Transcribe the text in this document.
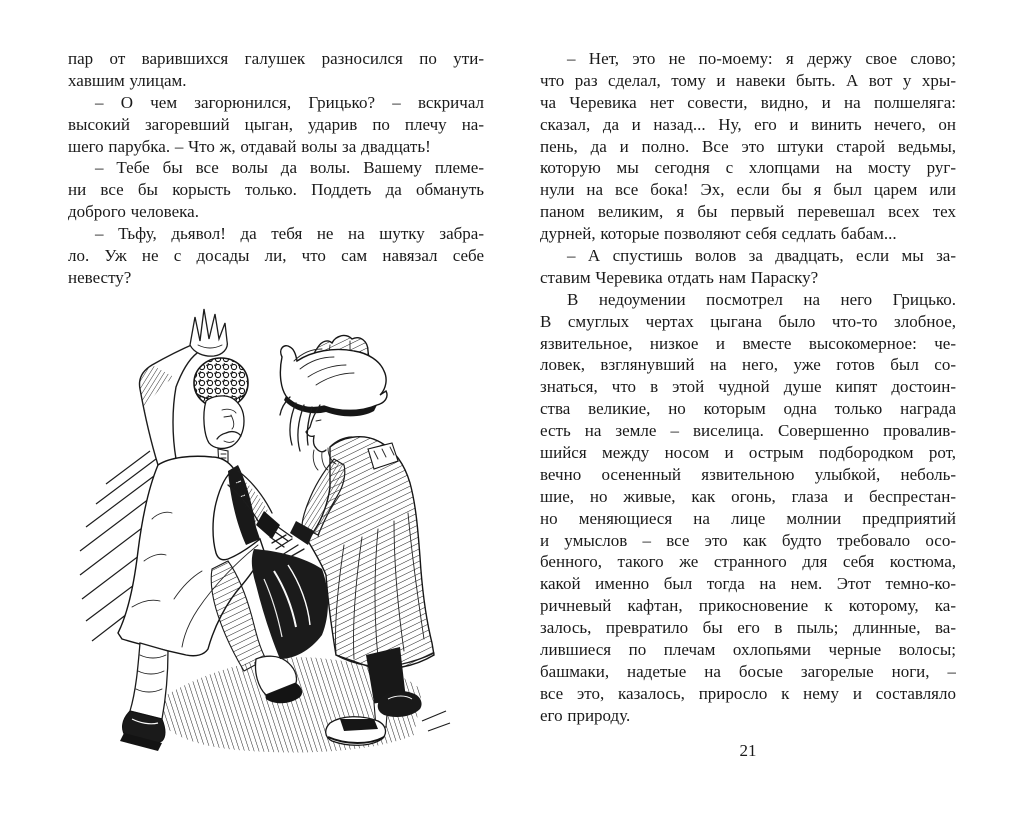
пар от варившихся галушек разносился по ути-
хавшим улицам.
– О чем загорюнился, Грицько? – вскричал
высокий загоревший цыган, ударив по плечу на-
шего парубка. – Что ж, отдавай волы за двадцать!
– Тебе бы все волы да волы. Вашему племе-
ни все бы корысть только. Поддеть да обмануть
доброго человека.
– Тьфу, дьявол! да тебя не на шутку забра-
ло. Уж не с досады ли, что сам навязал себе
невесту?
– Нет, это не по-моему: я держу свое слово;
что раз сделал, тому и навеки быть. А вот у хры-
ча Черевика нет совести, видно, и на полшеляга:
сказал, да и назад... Ну, его и винить нечего, он
пень, да и полно. Все это штуки старой ведьмы,
которую мы сегодня с хлопцами на мосту руг-
нули на все бока! Эх, если бы я был царем или
паном великим, я бы первый перевешал всех тех
дурней, которые позволяют себя седлать бабам...
– А спустишь волов за двадцать, если мы за-
ставим Черевика отдать нам Параску?
В недоумении посмотрел на него Грицько.
В смуглых чертах цыгана было что-то злобное,
язвительное, низкое и вместе высокомерное: че-
ловек, взглянувший на него, уже готов был со-
знаться, что в этой чудной душе кипят достоин-
ства великие, но которым одна только награда
есть на земле – виселица. Совершенно провалив-
шийся между носом и острым подбородком рот,
вечно осененный язвительною улыбкой, неболь-
шие, но живые, как огонь, глаза и беспрестан-
но меняющиеся на лице молнии предприятий
и умыслов – все это как будто требовало осо-
бенного, такого же странного для себя костюма,
какой именно был тогда на нем. Этот темно-ко-
ричневый кафтан, прикосновение к которому, ка-
залось, превратило бы его в пыль; длинные, ва-
лившиеся по плечам охлопьями черные волосы;
башмаки, надетые на босые загорелые ноги, –
все это, казалось, приросло к нему и составляло
его природу.
21
